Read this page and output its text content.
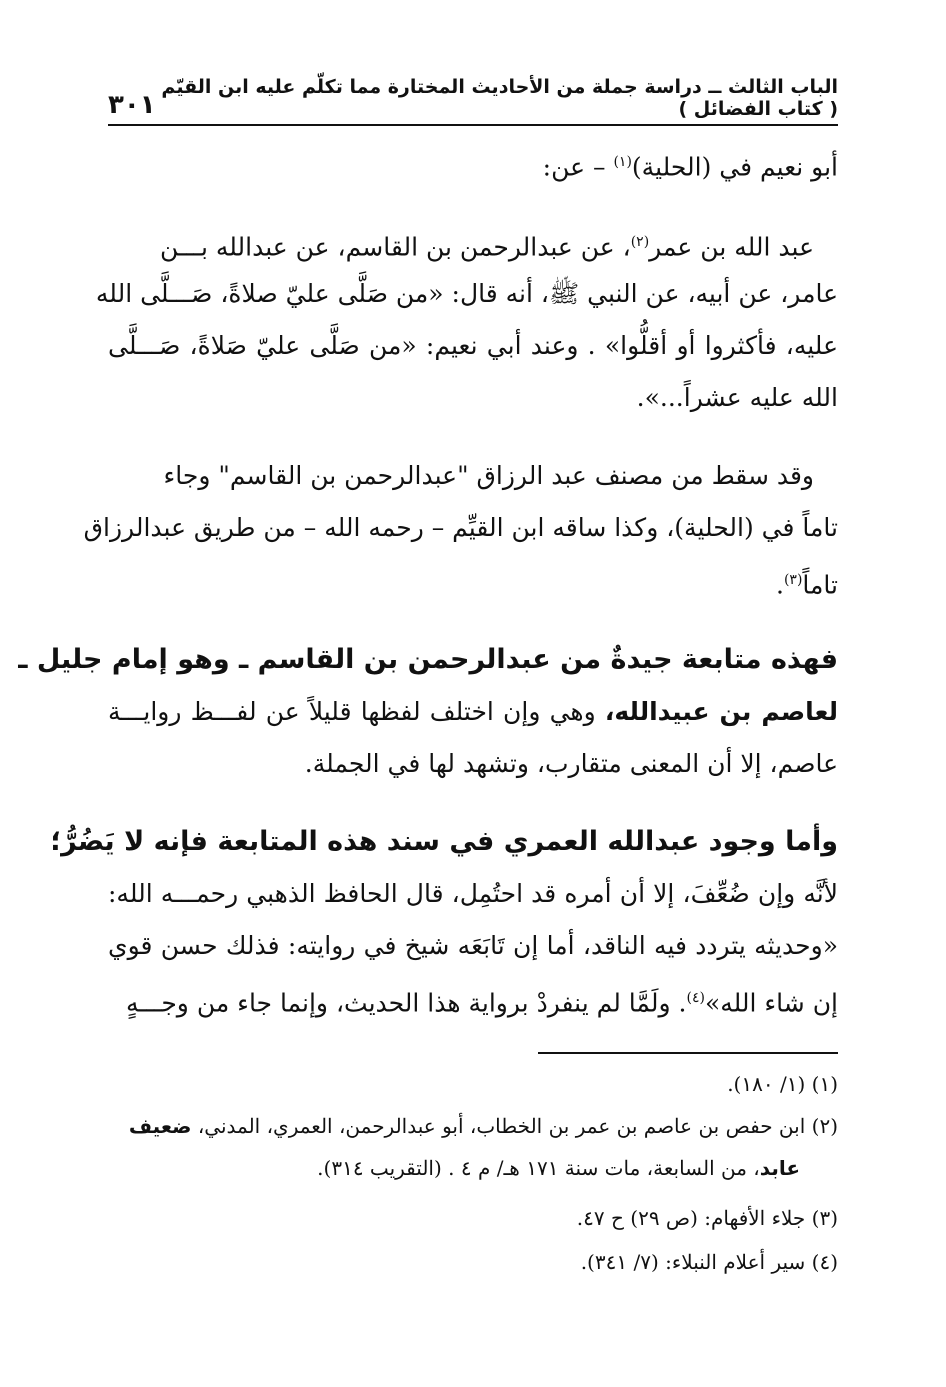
الباب الثالث ــ دراسة جملة من الأحاديث المختارة مما تكلّم عليه ابن القيّم ( كتاب الفضائل )
٣٠١
أبو نعيم في (الحلية)$^{(١)}$ – عن:
عبد الله بن عمر$^{(٢)}$، عن عبدالرحمن بن القاسم، عن عبدالله بـــن
عامر، عن أبيه، عن النبي ﷺ، أنه قال: «من صَلَّى عليّ صلاةً، صَـــلَّى الله
عليه، فأكثروا أو أقلُّوا» . وعند أبي نعيم: «من صَلَّى عليّ صَلاةً، صَـــلَّى
الله عليه عشراً...».
وقد سقط من مصنف عبد الرزاق "عبدالرحمن بن القاسم" وجاء
تاماً في (الحلية)، وكذا ساقه ابن القيِّم – رحمه الله – من طريق عبدالرزاق
تاماً$^{(٣)}$.
فهذه متابعة جيدةٌ من عبدالرحمن بن القاسم ـ وهو إمام جليل ـ
لعاصم بن عبيدالله، وهي وإن اختلف لفظها قليلاً عن لفـــظ روايـــة
عاصم، إلا أن المعنى متقارب، وتشهد لها في الجملة.
وأما وجود عبدالله العمري في سند هذه المتابعة فإنه لا يَضُرُّ؛
لأنَّه وإن ضُعِّفَ، إلا أن أمره قد احتُمِل، قال الحافظ الذهبي رحمـــه الله:
«وحديثه يتردد فيه الناقد، أما إن تَابَعَه شيخ في روايته: فذلك حسن قوي
إن شاء الله»$^{(٤)}$. ولَمَّا لم ينفردْ برواية هذا الحديث، وإنما جاء من وجـــهٍ
(١) (١/ ١٨٠).
(٢) ابن حفص بن عاصم بن عمر بن الخطاب، أبو عبدالرحمن، العمري، المدني، ضعيف
عابد، من السابعة، مات سنة ١٧١ هـ/ م ٤ . (التقريب ٣١٤).
(٣) جلاء الأفهام: (ص ٢٩) ح ٤٧.
(٤) سير أعلام النبلاء: (٧/ ٣٤١).
